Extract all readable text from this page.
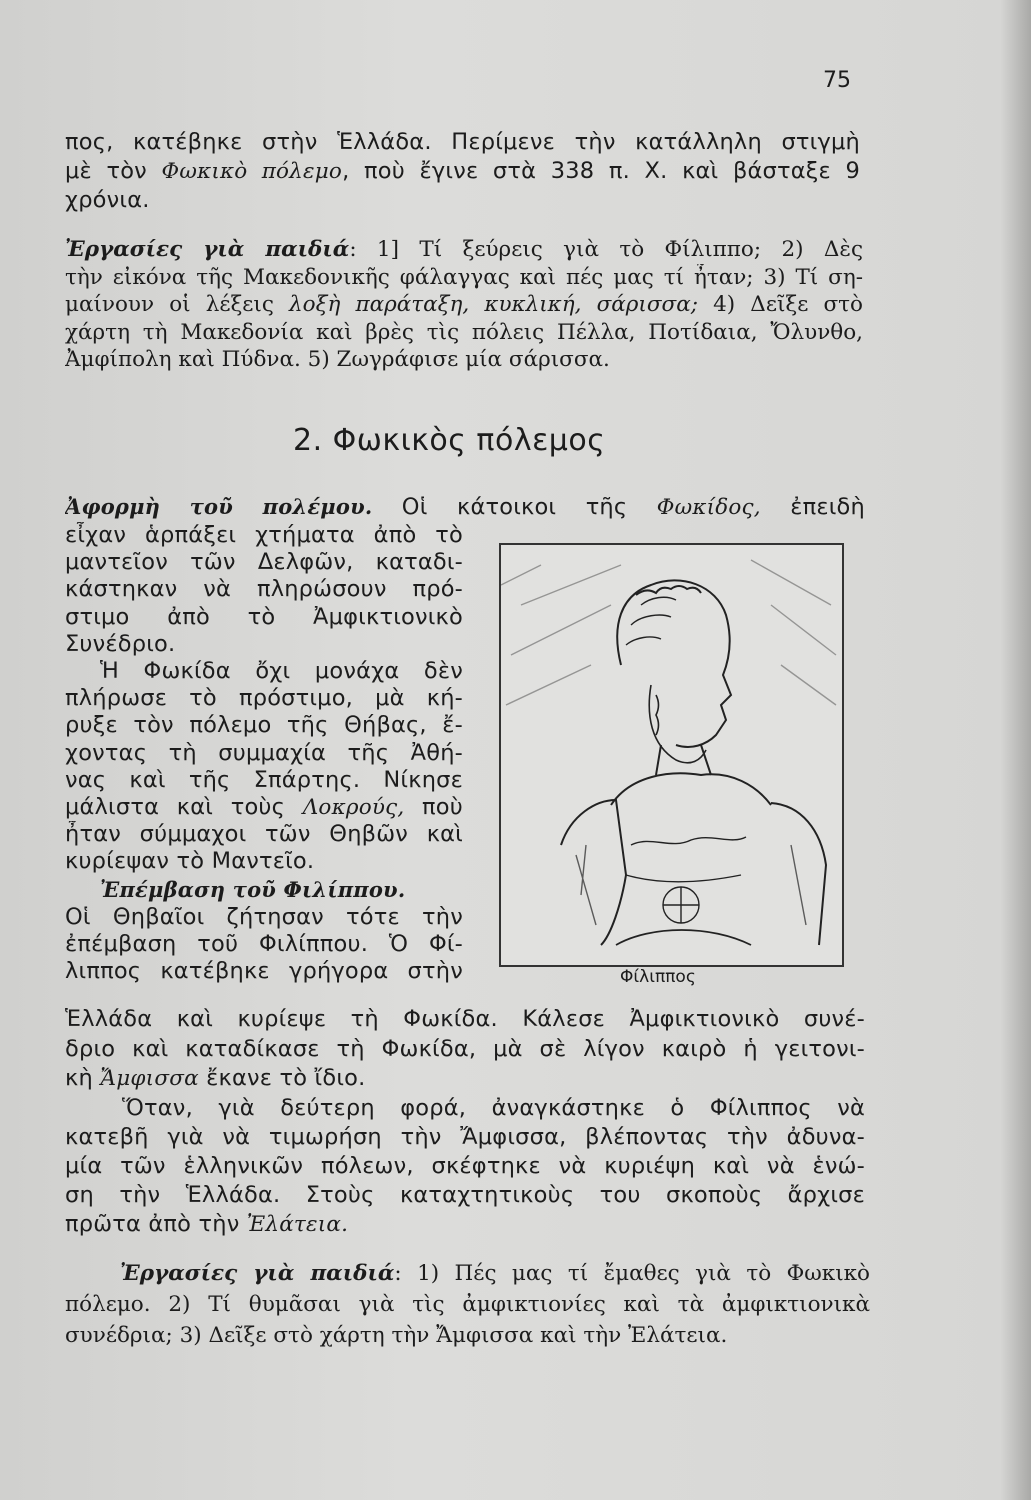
75
πος, κατέβηκε στὴν Ἑλλάδα. Περίμενε τὴν κατάλληλη στιγμὴ
μὲ τὸν Φωκικὸ πόλεμο, ποὺ ἔγινε στὰ 338 π. Χ. καὶ βάσταξε 9
χρόνια.
Ἐργασίες γιὰ παιδιά: 1] Τί ξεύρεις γιὰ τὸ Φίλιππο; 2) Δὲς
τὴν εἰκόνα τῆς Μακεδονικῆς φάλαγγας καὶ πές μας τί ἦταν; 3) Τί ση-
μαίνουν οἱ λέξεις λοξὴ παράταξη, κυκλική, σάρισσα; 4) Δεῖξε στὸ
χάρτη τὴ Μακεδονία καὶ βρὲς τὶς πόλεις Πέλλα, Ποτίδαια, Ὄλυνθο,
Ἀμφίπολη καὶ Πύδνα. 5) Ζωγράφισε μία σάρισσα.
2. Φωκικὸς πόλεμος
Ἀφορμὴ τοῦ πολέμου. Οἱ κάτοικοι τῆς Φωκίδος, ἐπειδὴ
εἶχαν ἁρπάξει χτήματα ἀπὸ τὸ
μαντεῖον τῶν Δελφῶν, καταδι-
κάστηκαν νὰ πληρώσουν πρό-
στιμο ἀπὸ τὸ Ἀμφικτιονικὸ
Συνέδριο.
Ἡ Φωκίδα ὄχι μονάχα δὲν
πλήρωσε τὸ πρόστιμο, μὰ κή-
ρυξε τὸν πόλεμο τῆς Θήβας, ἔ-
χοντας τὴ συμμαχία τῆς Ἀθή-
νας καὶ τῆς Σπάρτης. Νίκησε
μάλιστα καὶ τοὺς Λοκρούς, ποὺ
ἦταν σύμμαχοι τῶν Θηβῶν καὶ
κυρίεψαν τὸ Μαντεῖο.
Ἐπέμβαση τοῦ Φιλίππου.
Οἱ Θηβαῖοι ζήτησαν τότε τὴν
ἐπέμβαση τοῦ Φιλίππου. Ὁ Φί-
λιππος κατέβηκε γρήγορα στὴν	Φίλιππος
Ἑλλάδα καὶ κυρίεψε τὴ Φωκίδα. Κάλεσε Ἀμφικτιονικὸ συνέ-
δριο καὶ καταδίκασε τὴ Φωκίδα, μὰ σὲ λίγον καιρὸ ἡ γειτονι-
κὴ Ἄμφισσα ἔκανε τὸ ἴδιο.
Ὅταν, γιὰ δεύτερη φορά, ἀναγκάστηκε ὁ Φίλιππος νὰ
κατεβῆ γιὰ νὰ τιμωρήση τὴν Ἄμφισσα, βλέποντας τὴν ἀδυνα-
μία τῶν ἑλληνικῶν πόλεων, σκέφτηκε νὰ κυριέψη καὶ νὰ ἑνώ-
ση τὴν Ἑλλάδα. Στοὺς καταχτητικοὺς του σκοποὺς ἄρχισε
πρῶτα ἀπὸ τὴν Ἐλάτεια.
Ἐργασίες γιὰ παιδιά: 1) Πές μας τί ἔμαθες γιὰ τὸ Φωκικὸ
πόλεμο. 2) Τί θυμᾶσαι γιὰ τὶς ἀμφικτιονίες καὶ τὰ ἀμφικτιονικὰ
συνέδρια; 3) Δεῖξε στὸ χάρτη τὴν Ἄμφισσα καὶ τὴν Ἐλάτεια.
